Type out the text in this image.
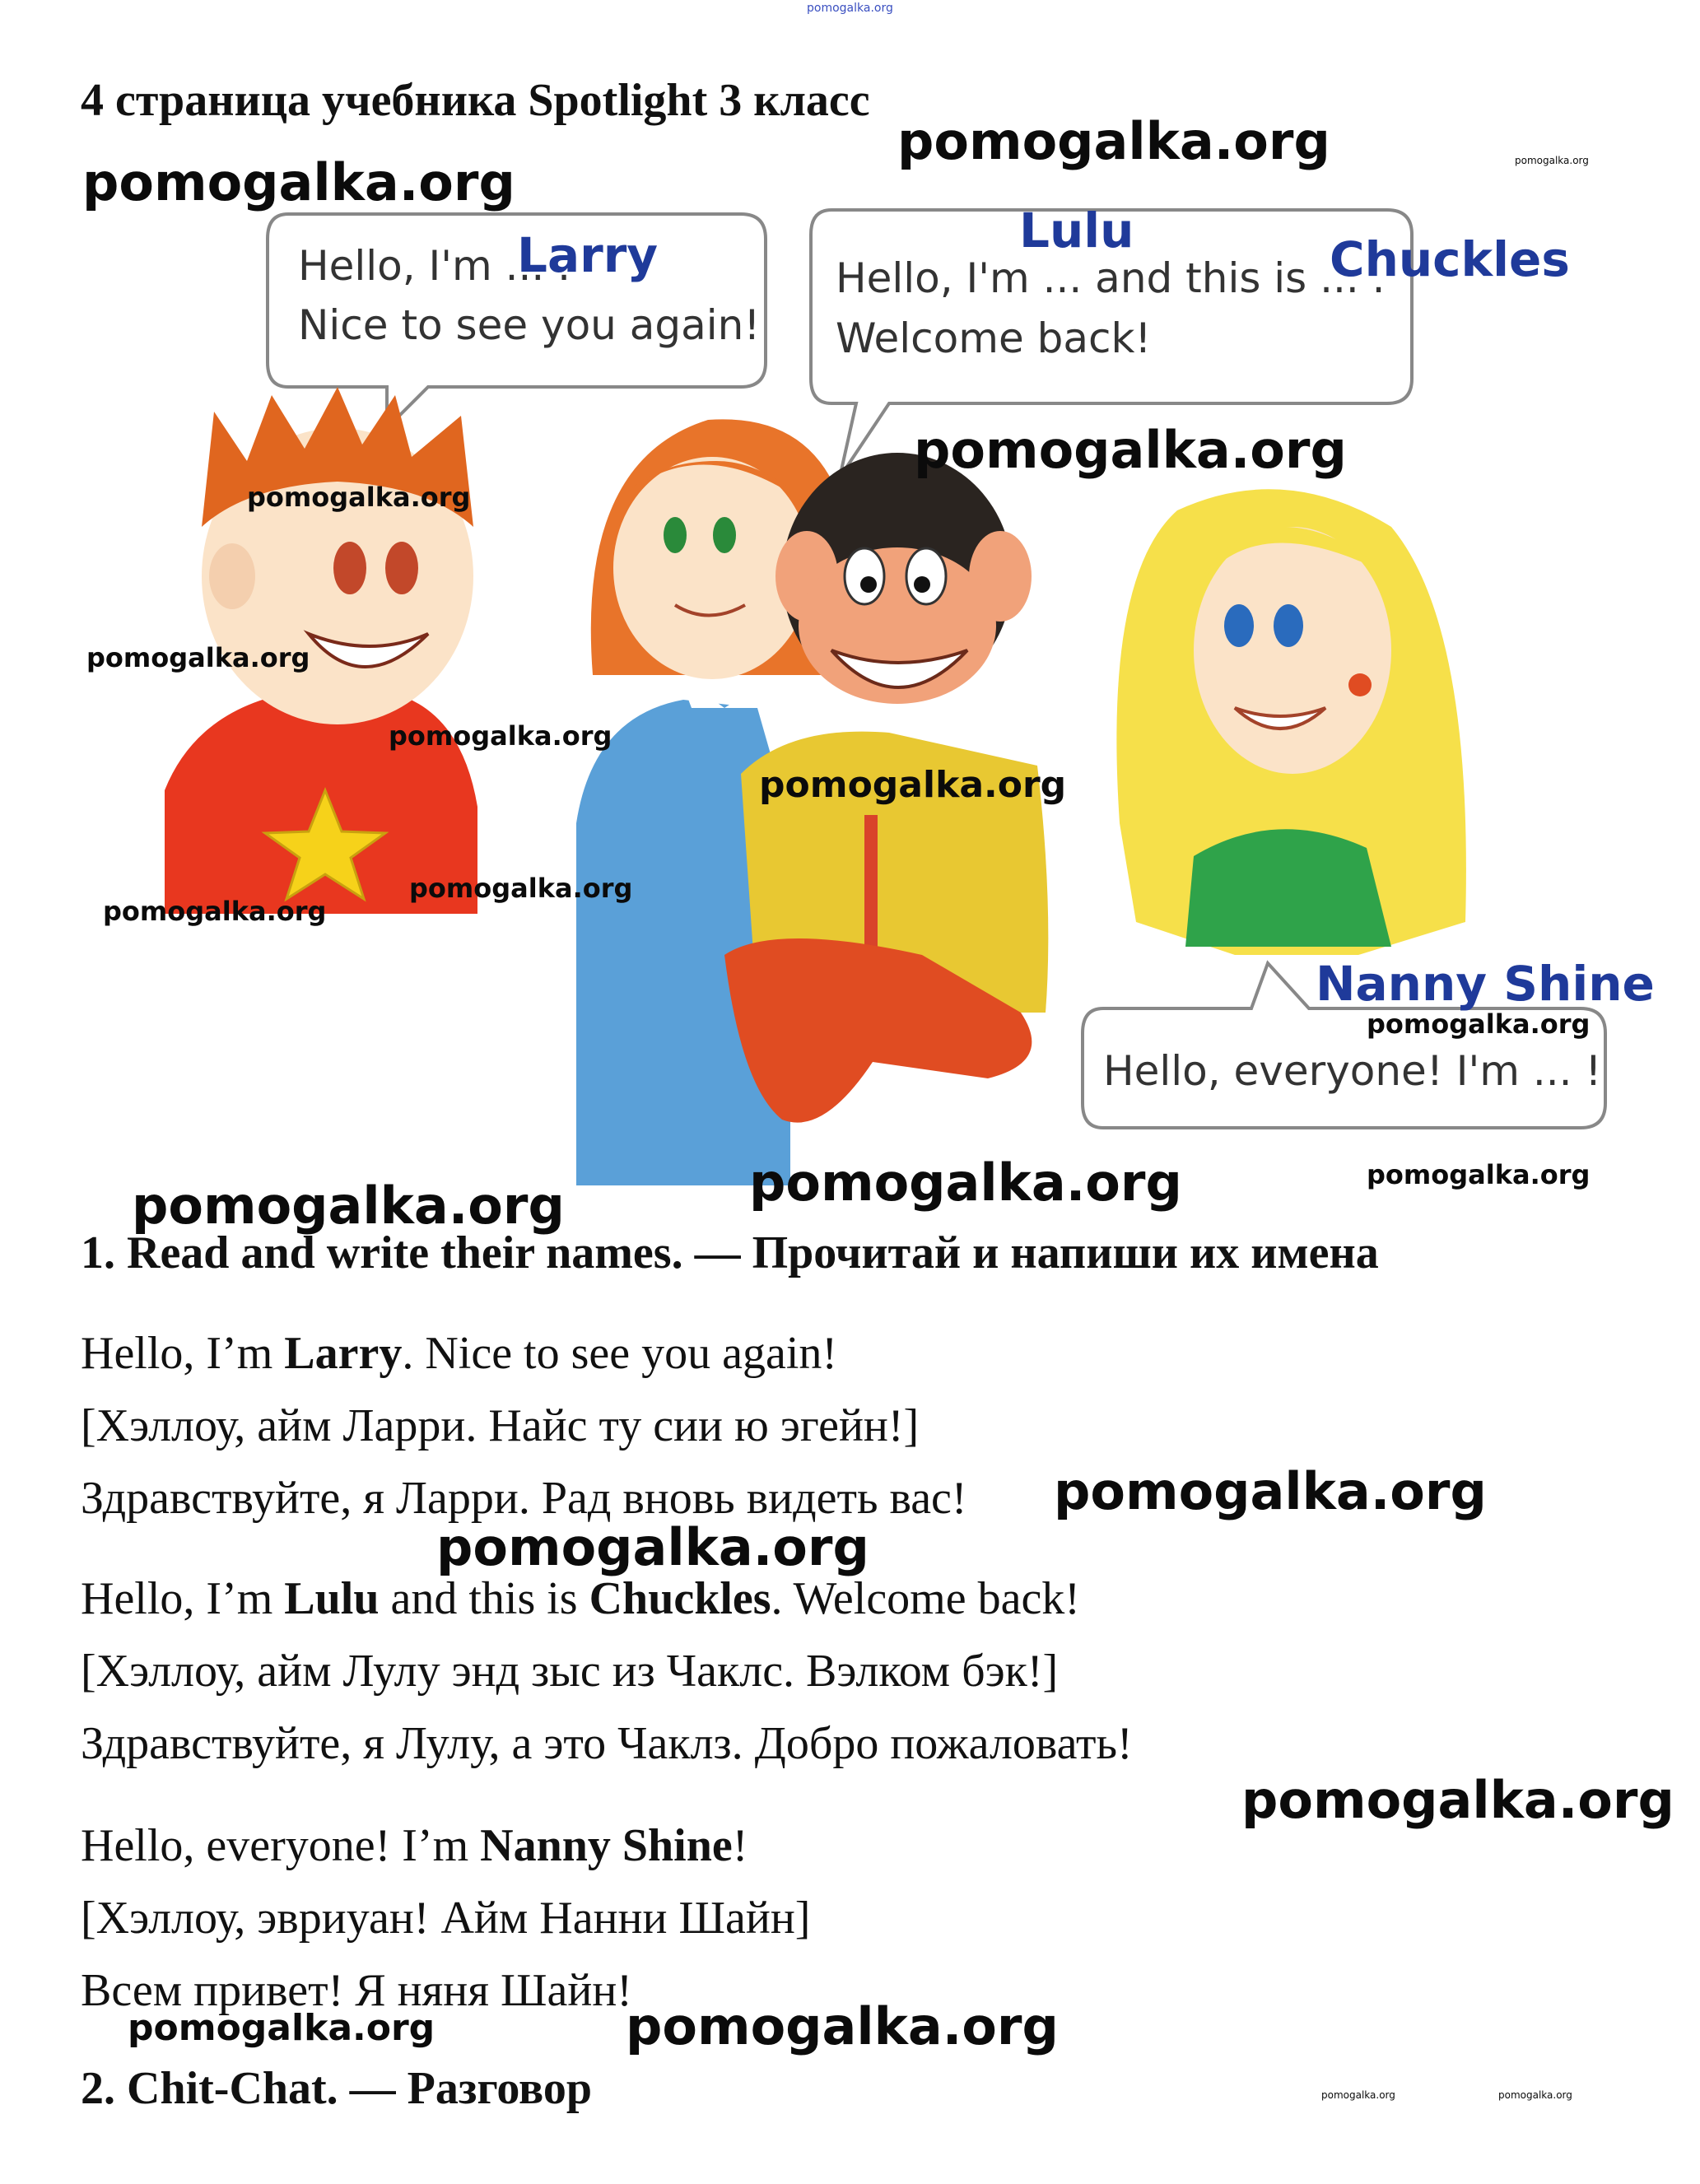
pomogalka.org
4 страница учебника Spotlight 3 класс
Hello, I'm ... .
Larry
Nice to see you again!
Lulu
Hello, I'm ... and this is ... .
Chuckles
Welcome back!
Nanny Shine
Hello, everyone! I'm ... !
pomogalka.org
pomogalka.org	pomogalka.org
pomogalka.org
pomogalka.org
pomogalka.org
pomogalka.org
pomogalka.org
pomogalka.org
pomogalka.org
pomogalka.org
pomogalka.org	pomogalka.org
pomogalka.org
1. Read and write their names. — Прочитай и напиши их имена
Hello, I’m Larry. Nice to see you again!
[Хэллоу, айм Ларри. Найс ту сии ю эгейн!]
Здравствуйте, я Ларри. Рад вновь видеть вас! pomogalka.org
pomogalka.org
Hello, I’m Lulu and this is Chuckles. Welcome back!
[Хэллоу, айм Лулу энд зыс из Чаклс. Вэлком бэк!]
Здравствуйте, я Лулу, а это Чаклз. Добро пожаловать!
pomogalka.org
Hello, everyone! I’m Nanny Shine!
[Хэллоу, эвриуан! Айм Нанни Шайн]
Всем привет! Я няня Шайн!
pomogalka.org	pomogalka.org
2. Chit-Chat. — Разговор	pomogalka.org	pomogalka.org
